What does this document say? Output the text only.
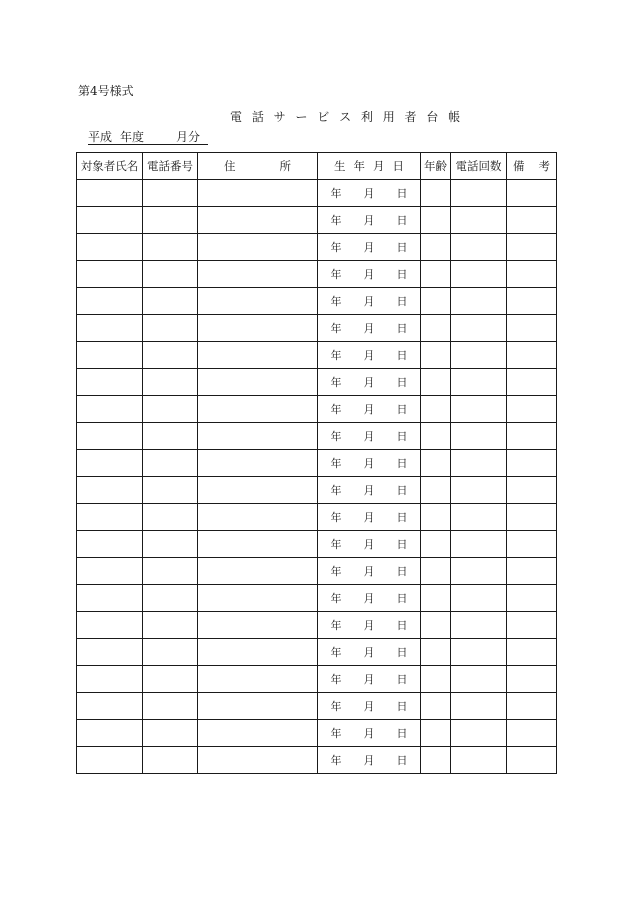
第4号様式
電 話 サ ー ビ ス 利 用 者 台 帳
平成 年度	月分
対象者氏名	電話番号	住 所	生 年 月 日	年齢	電話回数	備 考

			年 月 日			

			年 月 日			

			年 月 日			

			年 月 日			

			年 月 日			

			年 月 日			

			年 月 日			

			年 月 日			

			年 月 日			

			年 月 日			

			年 月 日			

			年 月 日			

			年 月 日			

			年 月 日			

			年 月 日			

			年 月 日			

			年 月 日			

			年 月 日			

			年 月 日			

			年 月 日			

			年 月 日			

			年 月 日			
